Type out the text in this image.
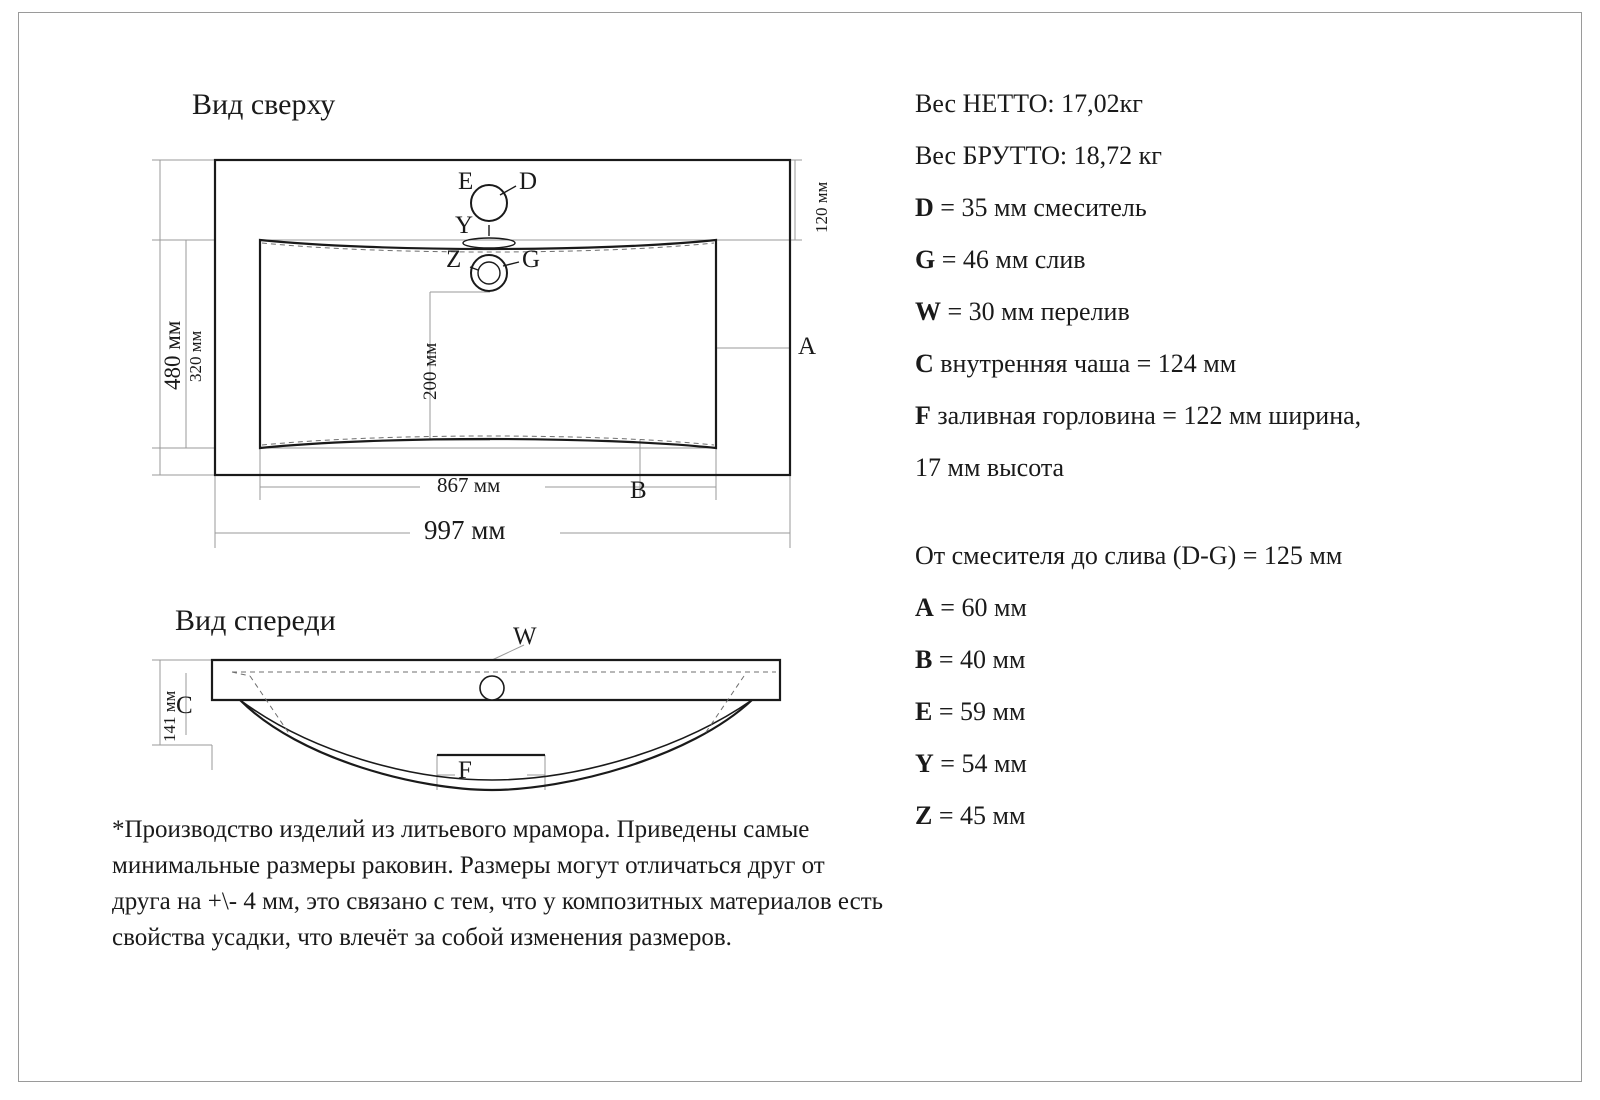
Вид сверху
480 мм 320 мм
120 мм
200 мм
867 мм
997 мм
E D
Y
Z G
A
B
Вид спереди
141 мм
C
W
F
Вес НЕТТО: 17,02кг
Вес БРУТТО: 18,72 кг
D = 35 мм смеситель
G = 46 мм слив
W = 30 мм перелив
C внутренняя чаша = 124 мм
F заливная горловина = 122 мм ширина,
17 мм высота
От смесителя до слива (D-G) = 125 мм
A = 60 мм
B = 40 мм
E = 59 мм
Y = 54 мм
Z = 45 мм
*Производство изделий из литьевого мрамора. Приведены самые минимальные размеры раковин. Размеры могут отличаться друг от друга на +\- 4 мм, это связано с тем, что у композитных материалов есть свойства усадки, что влечёт за собой изменения размеров.
